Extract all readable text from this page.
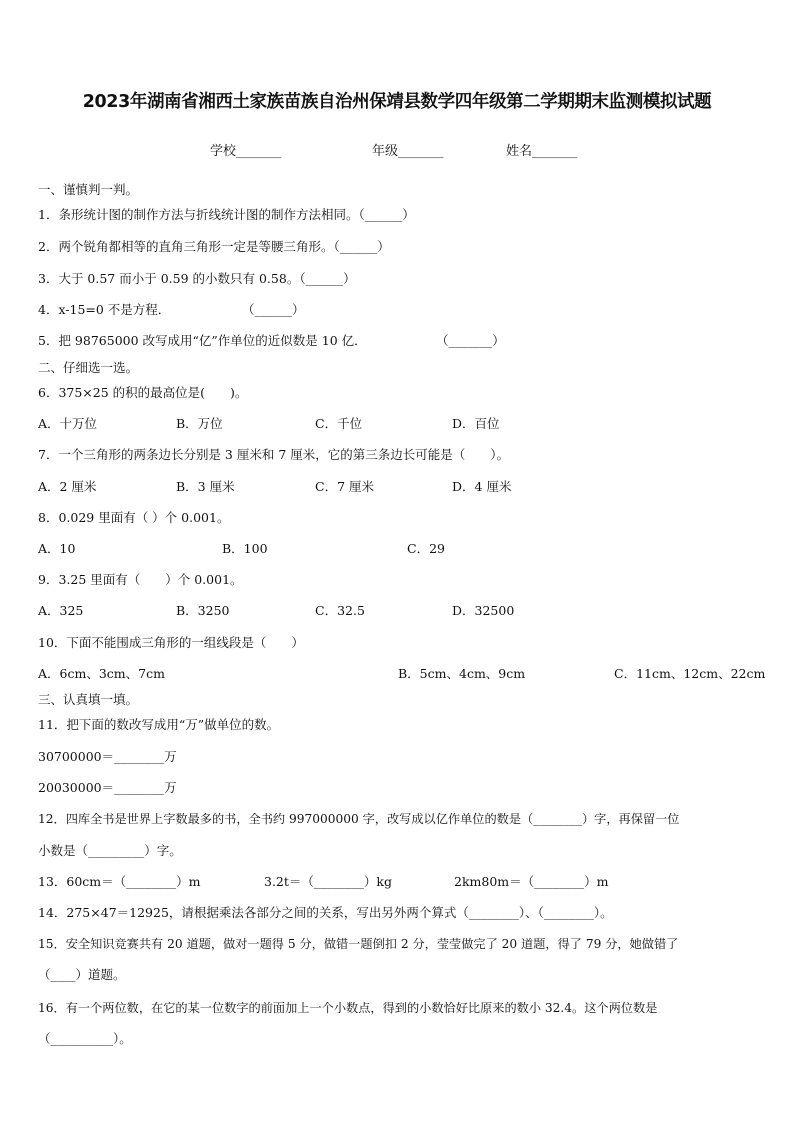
2023年湖南省湘西土家族苗族自治州保靖县数学四年级第二学期期末监测模拟试题
学校_______	年级_______	姓名_______
一、谨慎判一判。
1．条形统计图的制作方法与折线统计图的制作方法相同。（______）
2．两个锐角都相等的直角三角形一定是等腰三角形。（______）
3．大于 0.57 而小于 0.59 的小数只有 0.58。（______）
4．x-15=0 不是方程．	（______）
5．把 98765000 改写成用“亿”作单位的近似数是 10 亿．	（_______）
二、仔细选一选。
6．375×25 的积的最高位是(　　)。
A．十万位	B．万位	C．千位	D．百位
7．一个三角形的两条边长分别是 3 厘米和 7 厘米，它的第三条边长可能是（　　）。
A．2 厘米	B．3 厘米	C．7 厘米	D．4 厘米
8．0.029 里面有（ ）个 0.001。
A．10	B．100	C．29
9．3.25 里面有（　　）个 0.001。
A．325	B．3250	C．32.5	D．32500
10．下面不能围成三角形的一组线段是（　　）
A．6cm、3cm、7cm	B．5cm、4cm、9cm	C．11cm、12cm、22cm
三、认真填一填。
11．把下面的数改写成用“万”做单位的数。
30700000＝________万
20030000＝________万
12．四库全书是世界上字数最多的书，全书约 997000000 字，改写成以亿作单位的数是（________）字，再保留一位
小数是（_________）字。
13．60cm＝（________）m	3.2t＝（________）kg	2km80m＝（________）m
14．275×47＝12925，请根据乘法各部分之间的关系，写出另外两个算式（________）、（________）。
15．安全知识竞赛共有 20 道题，做对一题得 5 分，做错一题倒扣 2 分，莹莹做完了 20 道题，得了 79 分，她做错了
（____）道题。
16．有一个两位数，在它的某一位数字的前面加上一个小数点，得到的小数恰好比原来的数小 32.4。这个两位数是
（__________）。
